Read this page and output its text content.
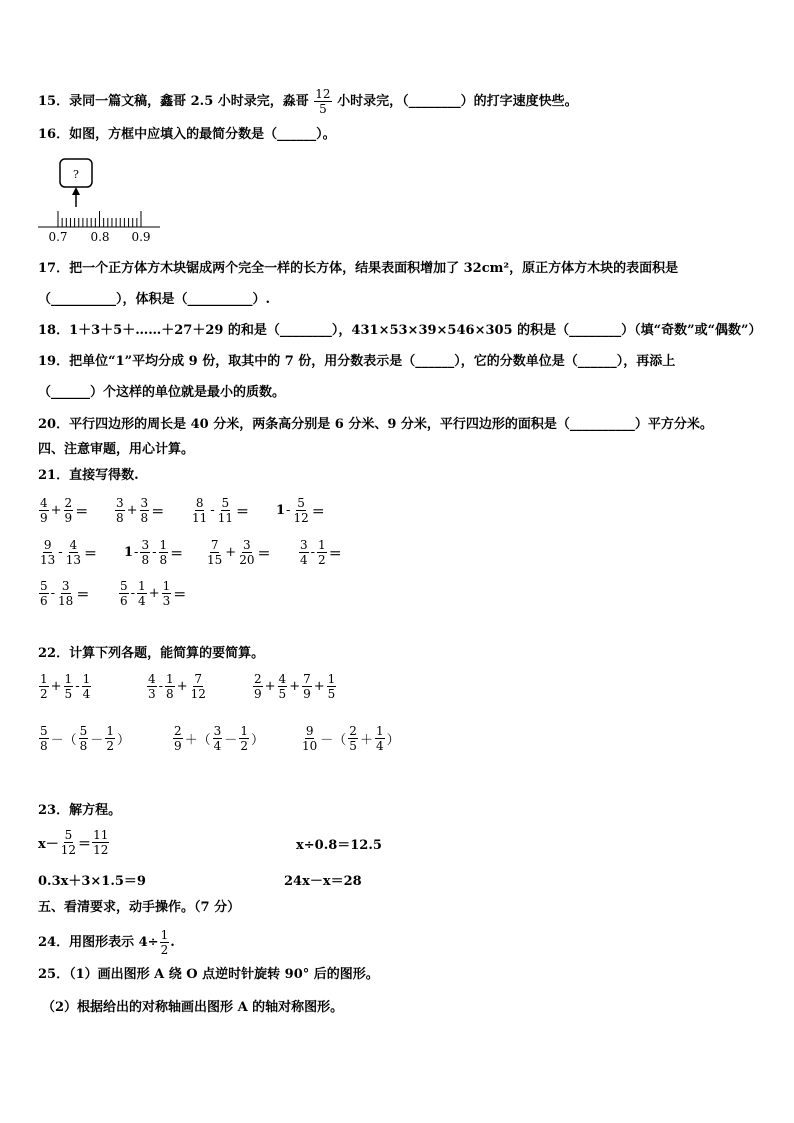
15．录同一篇文稿，鑫哥 2.5 小时录完，淼哥 $\frac{12}{5}$ 小时录完，（________）的打字速度快些。
16．如图，方框中应填入的最简分数是（______）。
?
0.7 0.8 0.9
17．把一个正方体方木块锯成两个完全一样的长方体，结果表面积增加了 32cm²，原正方体方木块的表面积是
（__________），体积是（__________）.
18．1＋3＋5＋……＋27＋29 的和是（________），431×53×39×546×305 的积是（________）（填“奇数”或“偶数”）
19．把单位“1”平均分成 9 份，取其中的 7 份，用分数表示是（______），它的分数单位是（______），再添上
（______）个这样的单位就是最小的质数。
20．平行四边形的周长是 40 分米，两条高分别是 6 分米、9 分米，平行四边形的面积是（__________）平方分米。
四、注意审题，用心计算。
21．直接写得数.
$\frac{4}{9} + \frac{2}{9} = \frac{3}{8} + \frac{3}{8} = \frac{8}{11} - \frac{5}{11} = 1 - \frac{5}{12}$ ＝
$\frac{9}{13} - \frac{4}{13} = 1 - \frac{3}{8} - \frac{1}{8} = \frac{7}{15} + \frac{3}{20} = \frac{3}{4} - \frac{1}{2}$ ＝
$\frac{5}{6} - \frac{3}{18} = \frac{5}{6} - \frac{1}{4} + \frac{1}{3}$ ＝
22．计算下列各题，能简算的要简算。
$\frac{1}{2} + \frac{1}{5} - \frac{1}{4}$	$\frac{4}{3} - \frac{1}{8} + \frac{7}{12}$	$\frac{2}{9} + \frac{4}{5} + \frac{7}{9} + \frac{1}{5}$
$\frac{5}{8}$ －（ $\frac{5}{8} - \frac{1}{2}$ ）	$\frac{2}{9}$ ＋（ $\frac{3}{4} - \frac{1}{2}$ ）	$\frac{9}{10}$ －（ $\frac{2}{5} + \frac{1}{4}$ ）
23．解方程。
$x- \frac{5}{12} = \frac{11}{12}$	x÷0.8＝12.5
0.3x＋3×1.5＝9	24x－x＝28
五、看清要求，动手操作。（7 分）
24．用图形表示 $4\div \frac{1}{2}$ .
25．（1）画出图形 A 绕 O 点逆时针旋转 90° 后的图形。
（2）根据给出的对称轴画出图形 A 的轴对称图形。
